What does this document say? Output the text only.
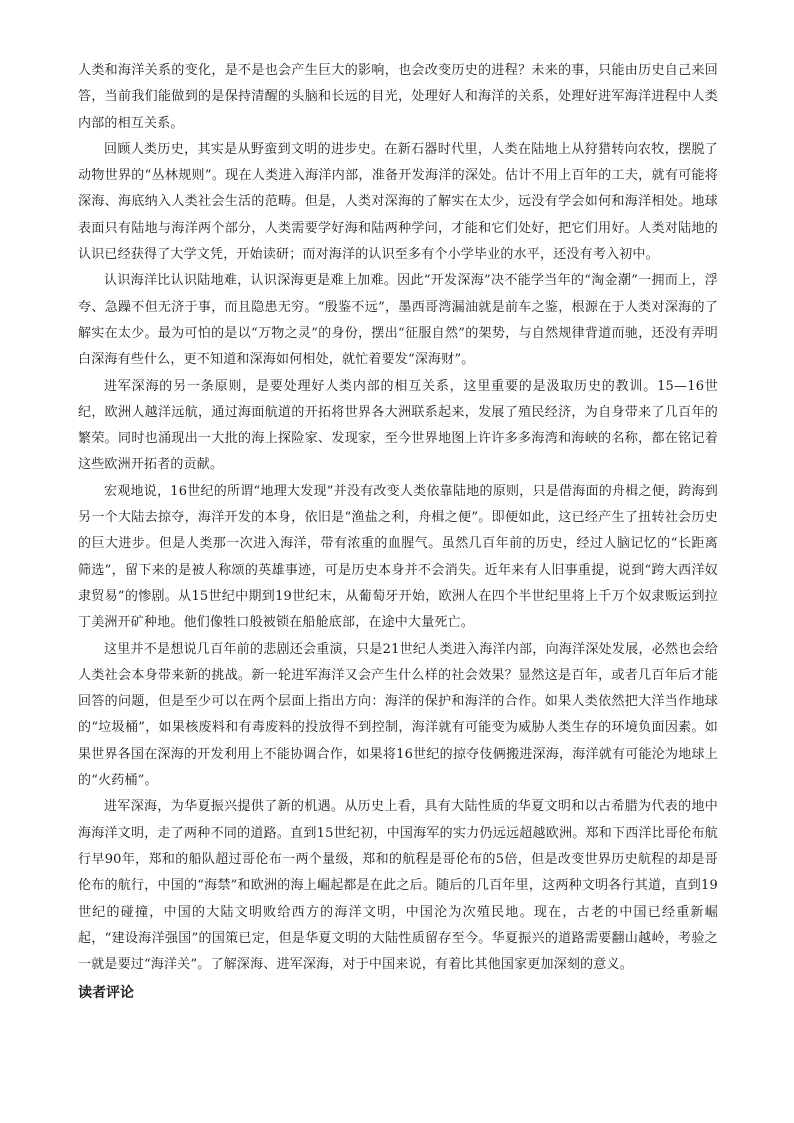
人类和海洋关系的变化，是不是也会产生巨大的影响，也会改变历史的进程？未来的事，只能由历史自己来回答，当前我们能做到的是保持清醒的头脑和长远的目光，处理好人和海洋的关系，处理好进军海洋进程中人类内部的相互关系。

回顾人类历史，其实是从野蛮到文明的进步史。在新石器时代里，人类在陆地上从狩猎转向农牧，摆脱了动物世界的“丛林规则”。现在人类进入海洋内部，准备开发海洋的深处。估计不用上百年的工夫，就有可能将深海、海底纳入人类社会生活的范畴。但是，人类对深海的了解实在太少，远没有学会如何和海洋相处。地球表面只有陆地与海洋两个部分，人类需要学好海和陆两种学问，才能和它们处好，把它们用好。人类对陆地的认识已经获得了大学文凭，开始读研；而对海洋的认识至多有个小学毕业的水平，还没有考入初中。

认识海洋比认识陆地难，认识深海更是难上加难。因此“开发深海”决不能学当年的“淘金潮”一拥而上，浮夸、急躁不但无济于事，而且隐患无穷。“殷鉴不远”，墨西哥湾漏油就是前车之鉴，根源在于人类对深海的了解实在太少。最为可怕的是以“万物之灵”的身份，摆出“征服自然”的架势，与自然规律背道而驰，还没有弄明白深海有些什么，更不知道和深海如何相处，就忙着要发“深海财”。

进军深海的另一条原则，是要处理好人类内部的相互关系，这里重要的是汲取历史的教训。15—16世纪，欧洲人越洋远航，通过海面航道的开拓将世界各大洲联系起来，发展了殖民经济，为自身带来了几百年的繁荣。同时也涌现出一大批的海上探险家、发现家，至今世界地图上许许多多海湾和海峡的名称，都在铭记着这些欧洲开拓者的贡献。

宏观地说，16世纪的所谓“地理大发现”并没有改变人类依靠陆地的原则，只是借海面的舟楫之便，跨海到另一个大陆去掠夺，海洋开发的本身，依旧是“渔盐之利，舟楫之便”。即便如此，这已经产生了扭转社会历史的巨大进步。但是人类那一次进入海洋，带有浓重的血腥气。虽然几百年前的历史，经过人脑记忆的“长距离筛选”，留下来的是被人称颂的英雄事迹，可是历史本身并不会消失。近年来有人旧事重提，说到“跨大西洋奴隶贸易”的惨剧。从15世纪中期到19世纪末，从葡萄牙开始，欧洲人在四个半世纪里将上千万个奴隶贩运到拉丁美洲开矿种地。他们像牲口般被锁在船舱底部，在途中大量死亡。

这里并不是想说几百年前的悲剧还会重演，只是21世纪人类进入海洋内部，向海洋深处发展，必然也会给人类社会本身带来新的挑战。新一轮进军海洋又会产生什么样的社会效果？显然这是百年，或者几百年后才能回答的问题，但是至少可以在两个层面上指出方向：海洋的保护和海洋的合作。如果人类依然把大洋当作地球的“垃圾桶”，如果核废料和有毒废料的投放得不到控制，海洋就有可能变为威胁人类生存的环境负面因素。如果世界各国在深海的开发利用上不能协调合作，如果将16世纪的掠夺伎俩搬进深海，海洋就有可能沦为地球上的“火药桶”。

进军深海，为华夏振兴提供了新的机遇。从历史上看，具有大陆性质的华夏文明和以古希腊为代表的地中海海洋文明，走了两种不同的道路。直到15世纪初，中国海军的实力仍远远超越欧洲。郑和下西洋比哥伦布航行早90年，郑和的船队超过哥伦布一两个量级，郑和的航程是哥伦布的5倍，但是改变世界历史航程的却是哥伦布的航行，中国的“海禁”和欧洲的海上崛起都是在此之后。随后的几百年里，这两种文明各行其道，直到19世纪的碰撞，中国的大陆文明败给西方的海洋文明，中国沦为次殖民地。现在，古老的中国已经重新崛起，“建设海洋强国”的国策已定，但是华夏文明的大陆性质留存至今。华夏振兴的道路需要翻山越岭，考验之一就是要过“海洋关”。了解深海、进军深海，对于中国来说，有着比其他国家更加深刻的意义。

读者评论
